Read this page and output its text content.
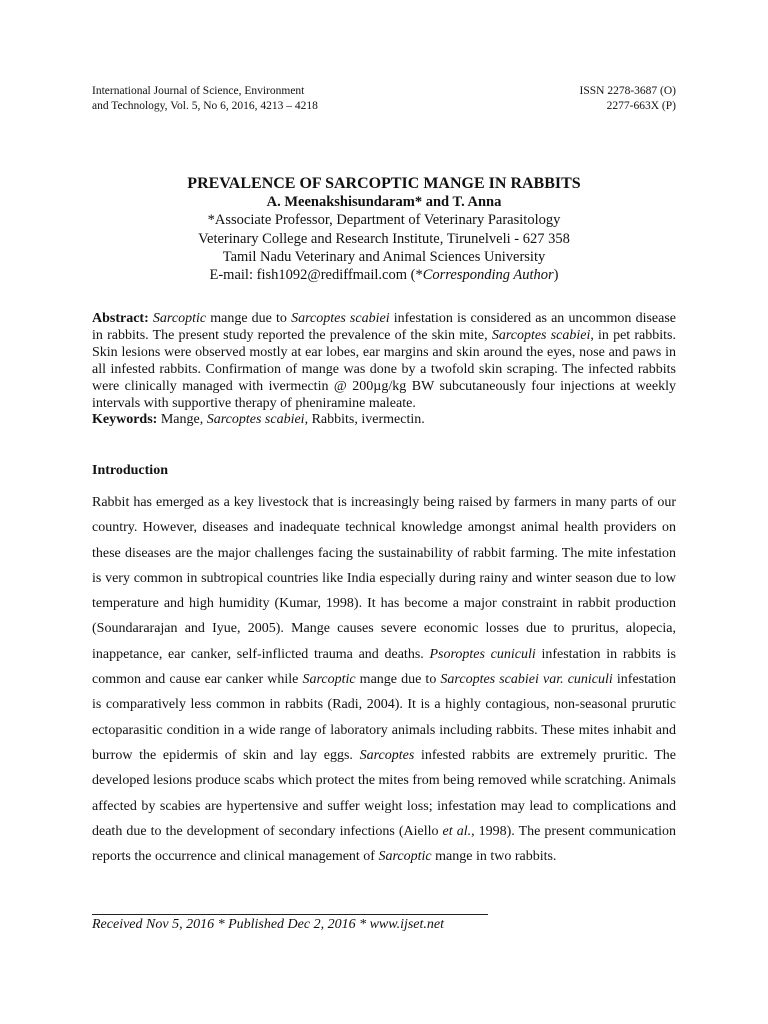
International Journal of Science, Environment
and Technology, Vol. 5, No 6, 2016, 4213 – 4218
ISSN 2278-3687 (O)
2277-663X (P)
PREVALENCE OF SARCOPTIC MANGE IN RABBITS
A. Meenakshisundaram* and T. Anna
*Associate Professor, Department of Veterinary Parasitology
Veterinary College and Research Institute, Tirunelveli - 627 358
Tamil Nadu Veterinary and Animal Sciences University
E-mail: fish1092@rediffmail.com (*Corresponding Author)

Abstract: Sarcoptic mange due to Sarcoptes scabiei infestation is considered as an uncommon disease in rabbits. The present study reported the prevalence of the skin mite, Sarcoptes scabiei, in pet rabbits. Skin lesions were observed mostly at ear lobes, ear margins and skin around the eyes, nose and paws in all infested rabbits. Confirmation of mange was done by a twofold skin scraping. The infected rabbits were clinically managed with ivermectin @ 200µg/kg BW subcutaneously four injections at weekly intervals with supportive therapy of pheniramine maleate.

Keywords: Mange, Sarcoptes scabiei, Rabbits, ivermectin.

Introduction

Rabbit has emerged as a key livestock that is increasingly being raised by farmers in many parts of our country. However, diseases and inadequate technical knowledge amongst animal health providers on these diseases are the major challenges facing the sustainability of rabbit farming. The mite infestation is very common in subtropical countries like India especially during rainy and winter season due to low temperature and high humidity (Kumar, 1998). It has become a major constraint in rabbit production (Soundararajan and Iyue, 2005). Mange causes severe economic losses due to pruritus, alopecia, inappetance, ear canker, self-inflicted trauma and deaths. Psoroptes cuniculi infestation in rabbits is common and cause ear canker while Sarcoptic mange due to Sarcoptes scabiei var. cuniculi infestation is comparatively less common in rabbits (Radi, 2004). It is a highly contagious, non-seasonal prurutic ectoparasitic condition in a wide range of laboratory animals including rabbits. These mites inhabit and burrow the epidermis of skin and lay eggs. Sarcoptes infested rabbits are extremely pruritic. The developed lesions produce scabs which protect the mites from being removed while scratching. Animals affected by scabies are hypertensive and suffer weight loss; infestation may lead to complications and death due to the development of secondary infections (Aiello et al., 1998). The present communication reports the occurrence and clinical management of Sarcoptic mange in two rabbits.

Received Nov 5, 2016 * Published Dec 2, 2016 * www.ijset.net
